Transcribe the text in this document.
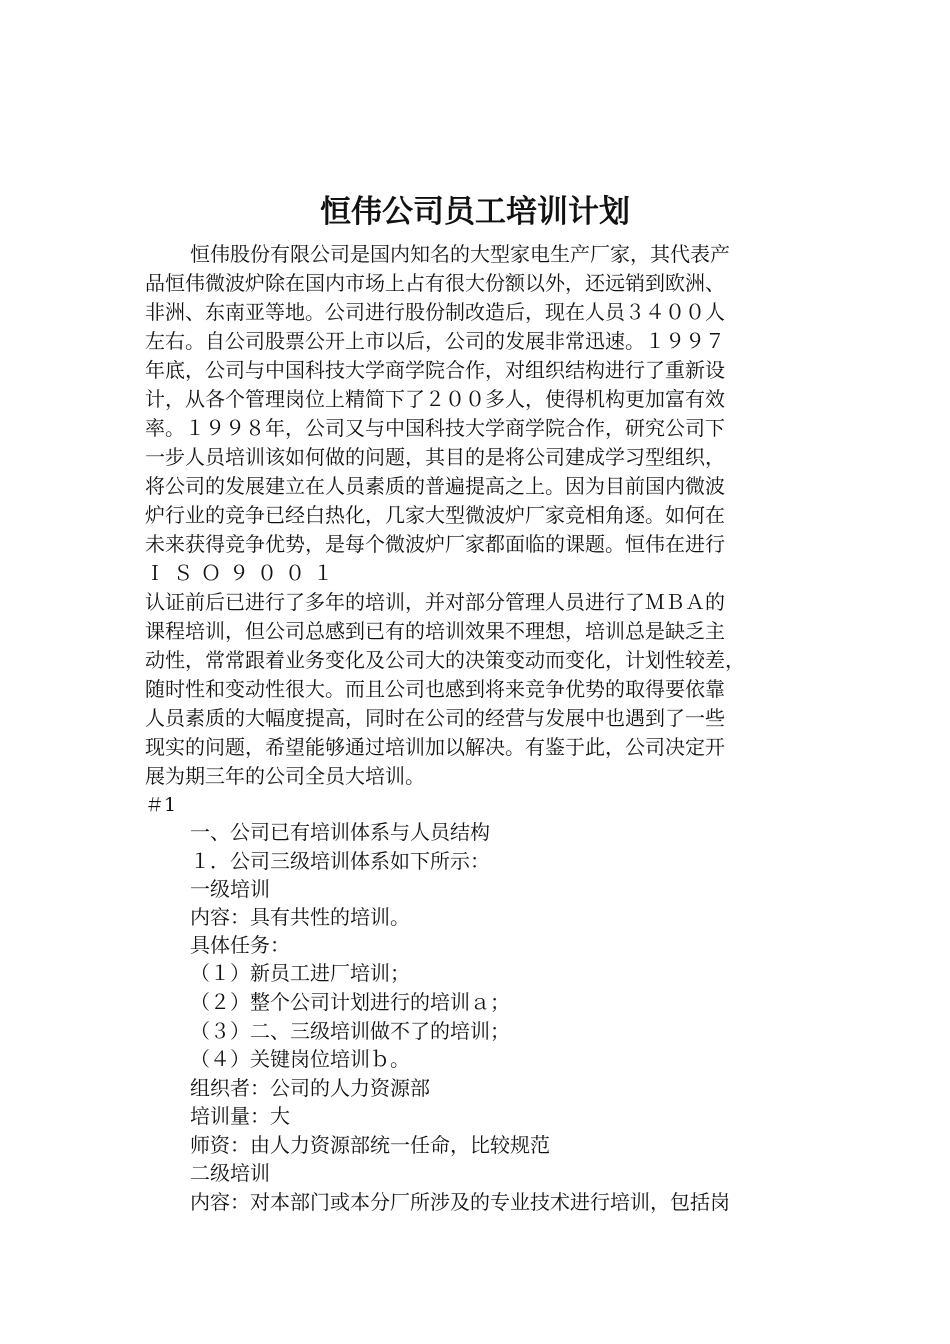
恒伟公司员工培训计划

恒伟股份有限公司是国内知名的大型家电生产厂家，其代表产

品恒伟微波炉除在国内市场上占有很大份额以外，还远销到欧洲、

非洲、东南亚等地。公司进行股份制改造后，现在人员３４００人

左右。自公司股票公开上市以后，公司的发展非常迅速。１９９７

年底，公司与中国科技大学商学院合作，对组织结构进行了重新设

计，从各个管理岗位上精简下了２００多人，使得机构更加富有效

率。１９９８年，公司又与中国科技大学商学院合作，研究公司下

一步人员培训该如何做的问题，其目的是将公司建成学习型组织，

将公司的发展建立在人员素质的普遍提高之上。因为目前国内微波

炉行业的竞争已经白热化，几家大型微波炉厂家竞相角逐。如何在

未来获得竞争优势，是每个微波炉厂家都面临的课题。恒伟在进行

ＩＳＯ９００１

认证前后已进行了多年的培训，并对部分管理人员进行了ＭＢＡ的

课程培训，但公司总感到已有的培训效果不理想，培训总是缺乏主

动性，常常跟着业务变化及公司大的决策变动而变化，计划性较差，

随时性和变动性很大。而且公司也感到将来竞争优势的取得要依靠

人员素质的大幅度提高，同时在公司的经营与发展中也遇到了一些

现实的问题，希望能够通过培训加以解决。有鉴于此，公司决定开

展为期三年的公司全员大培训。

＃1

一、公司已有培训体系与人员结构

１．公司三级培训体系如下所示：

一级培训

内容：具有共性的培训。

具体任务：

（１）新员工进厂培训；

（２）整个公司计划进行的培训ａ；

（３）二、三级培训做不了的培训；

（４）关键岗位培训ｂ。

组织者：公司的人力资源部

培训量：大

师资：由人力资源部统一任命，比较规范

二级培训

内容：对本部门或本分厂所涉及的专业技术进行培训，包括岗
